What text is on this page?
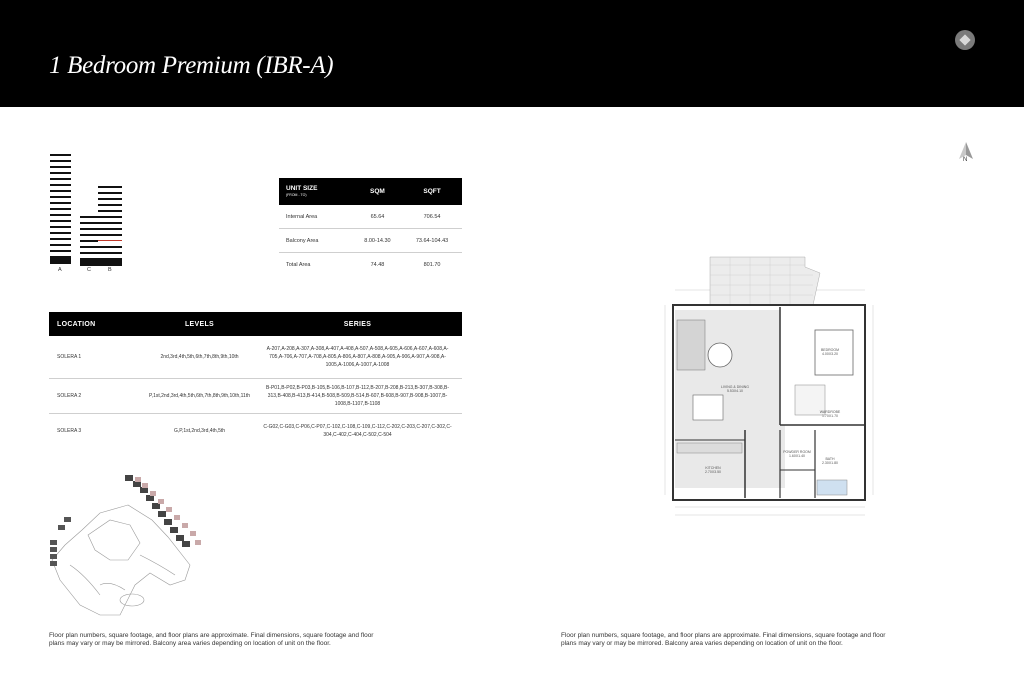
1 Bedroom Premium (IBR-A)
N
A	C	B
UNIT SIZE
(FROM - TO)	SQM	SQFT
Internal Area	65.64	706.54
Balcony Area	8.00-14.30	73.64-104.43
Total Area	74.48	801.70
LOCATION	LEVELS	SERIES
SOLERA 1	2nd,3rd,4th,5th,6th,7th,8th,9th,10th	A-207,A-208,A-307,A-308,A-407,A-408,A-507,A-508,A-605,A-606,A-607,A-608,A-705,A-706,A-707,A-708,A-805,A-806,A-807,A-808,A-905,A-906,A-907,A-908,A-1005,A-1006,A-1007,A-1008
SOLERA 2	P,1st,2nd,3rd,4th,5th,6th,7th,8th,9th,10th,11th	B-P01,B-P02,B-P03,B-105,B-106,B-107,B-112,B-207,B-208,B-213,B-307,B-308,B-313,B-408,B-413,B-414,B-508,B-509,B-514,B-607,B-608,B-907,B-908,B-1007,B-1008,B-1107,B-1108
SOLERA 3	G,P,1st,2nd,3rd,4th,5th	C-G02,C-G03,C-P06,C-P07,C-102,C-108,C-109,C-112,C-202,C-203,C-207,C-302,C-304,C-402,C-404,C-502,C-504
LIVING & DINING
5.53X4.10
BEDROOM
4.00X3.20
WARDROBE
1.70X1.70
POWDER ROOM
1.60X1.40
BATH
2.30X1.80
KITCHEN
2.70X3.50
Floor plan numbers, square footage, and floor plans are approximate. Final dimensions, square footage and floor plans may vary or may be mirrored. Balcony area varies depending on location of unit on the floor.
Floor plan numbers, square footage, and floor plans are approximate. Final dimensions, square footage and floor plans may vary or may be mirrored. Balcony area varies depending on location of unit on the floor.
